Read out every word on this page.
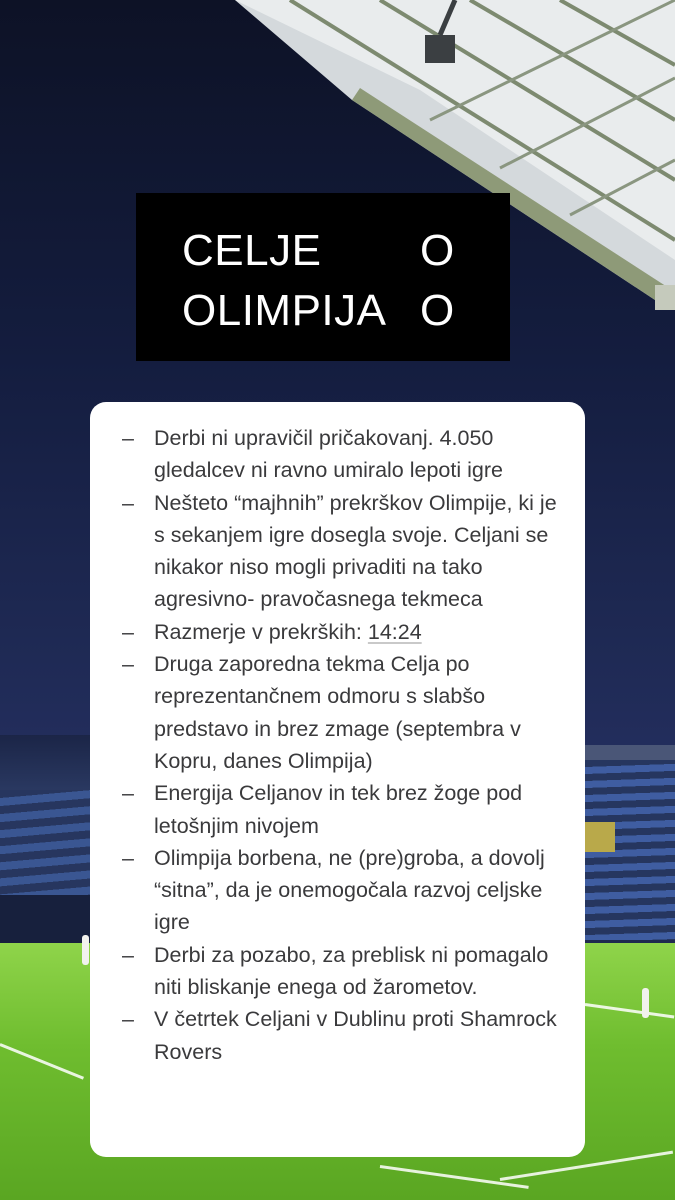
CELJE O
OLIMPIJA O
– Derbi ni upravičil pričakovanj. 4.050 gledalcev ni ravno umiralo lepoti igre
– Nešteto “majhnih” prekrškov Olimpije, ki je s sekanjem igre dosegla svoje. Celjani se nikakor niso mogli privaditi na tako agresivno- pravočasnega tekmeca
– Razmerje v prekrških: 14:24
– Druga zaporedna tekma Celja po reprezentančnem odmoru s slabšo predstavo in brez zmage (septembra v Kopru, danes Olimpija)
– Energija Celjanov in tek brez žoge pod letošnjim nivojem
– Olimpija borbena, ne (pre)groba, a dovolj “sitna”, da je onemogočala razvoj celjske igre
– Derbi za pozabo, za preblisk ni pomagalo niti bliskanje enega od žarometov.
– V četrtek Celjani v Dublinu proti Shamrock Rovers
